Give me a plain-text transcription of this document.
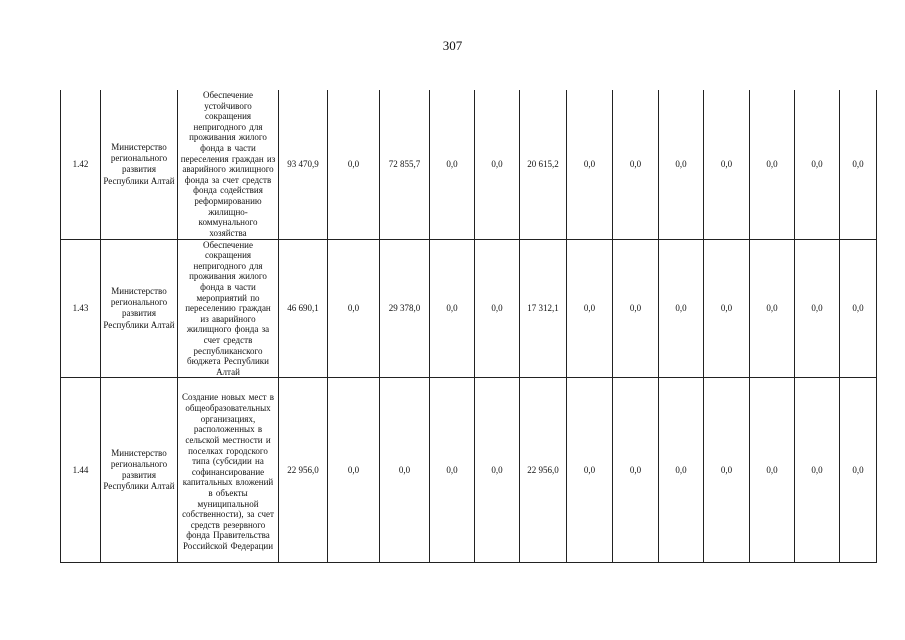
307
1.42	Министерство регионального развития Республики Алтай	Обеспечение устойчивого сокращения непригодного для проживания жилого фонда в части переселения граждан из аварийного жилищного фонда за счет средств фонда содействия реформированию жилищно-коммунального хозяйства	93 470,9	0,0	72 855,7	0,0	0,0	20 615,2	0,0	0,0	0,0	0,0	0,0	0,0	0,0
1.43	Министерство регионального развития Республики Алтай	Обеспечение сокращения непригодного для проживания жилого фонда в части мероприятий по переселению граждан из аварийного жилищного фонда за счет средств республиканского бюджета Республики Алтай	46 690,1	0,0	29 378,0	0,0	0,0	17 312,1	0,0	0,0	0,0	0,0	0,0	0,0	0,0
1.44	Министерство регионального развития Республики Алтай	Создание новых мест в общеобразовательных организациях, расположенных в сельской местности и поселках городского типа (субсидии на софинансирование капитальных вложений в объекты муниципальной собственности), за счет средств резервного фонда Правительства Российской Федерации	22 956,0	0,0	0,0	0,0	0,0	22 956,0	0,0	0,0	0,0	0,0	0,0	0,0	0,0
